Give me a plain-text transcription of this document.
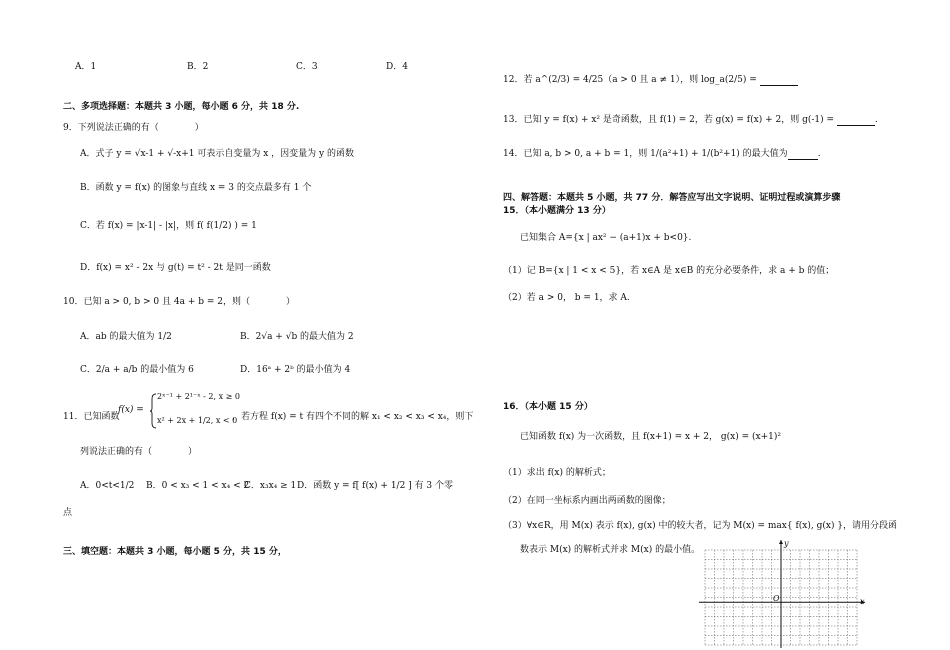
A．1	B．2	C．3	D．4
二、多项选择题：本题共 3 小题，每小题 6 分，共 18 分.
9．下列说法正确的有（　　　　）
A．式子 y = √x-1 + √-x+1 可表示自变量为 x ，因变量为 y 的函数
B．函数 y = f(x) 的图象与直线 x = 3 的交点最多有 1 个
C．若 f(x) = |x-1| - |x|，则 f( f(1/2) ) = 1
D．f(x) = x² - 2x 与 g(t) = t² - 2t 是同一函数
10．已知 a > 0, b > 0 且 4a + b = 2，则（　　　　）
A．ab 的最大值为 1/2	B．2√a + √b 的最大值为 2
C．2/a + a/b 的最小值为 6	D．16ᵃ + 2ᵇ 的最小值为 4
11．已知函数
f(x) =
2ˣ⁻¹ + 2¹⁻ˣ - 2, x ≥ 0
x² + 2x + 1/2, x < 0
，若方程 f(x) = t 有四个不同的解 x₁ < x₂ < x₃ < x₄，则下
列说法正确的有（　　　　）
A．0<t<1/2 B．0 < x₃ < 1 < x₄ < 2
C．x₃x₄ ≥ 1 D．函数 y = f[ f(x) + 1/2 ] 有 3 个零
点
三、填空题：本题共 3 小题，每小题 5 分，共 15 分，
12．若 a^(2/3) = 4/25（a > 0 且 a ≠ 1），则 log_a(2/5) =
13．已知 y = f(x) + x² 是奇函数，且 f(1) = 2，若 g(x) = f(x) + 2，则 g(-1) =	.
14．已知 a, b > 0, a + b = 1，则 1/(a²+1) + 1/(b²+1) 的最大值为	.
四、解答题：本题共 5 小题，共 77 分．解答应写出文字说明、证明过程或演算步骤
15．（本小题满分 13 分）
已知集合 A={x | ax² − (a+1)x + b<0}.
（1）记 B={x | 1 < x < 5}，若 x∈A 是 x∈B 的充分必要条件，求 a + b 的值；
（2）若 a > 0， b = 1，求 A.
16．（本小题 15 分）
已知函数 f(x) 为一次函数，且 f(x+1) = x + 2， g(x) = (x+1)²
（1）求出 f(x) 的解析式；
（2）在同一坐标系内画出两函数的图像；
（3）∀x∈R，用 M(x) 表示 f(x), g(x) 中的较大者，记为 M(x) = max{ f(x), g(x) }，请用分段函
数表示 M(x) 的解析式并求 M(x) 的最小值。
y
x
O
